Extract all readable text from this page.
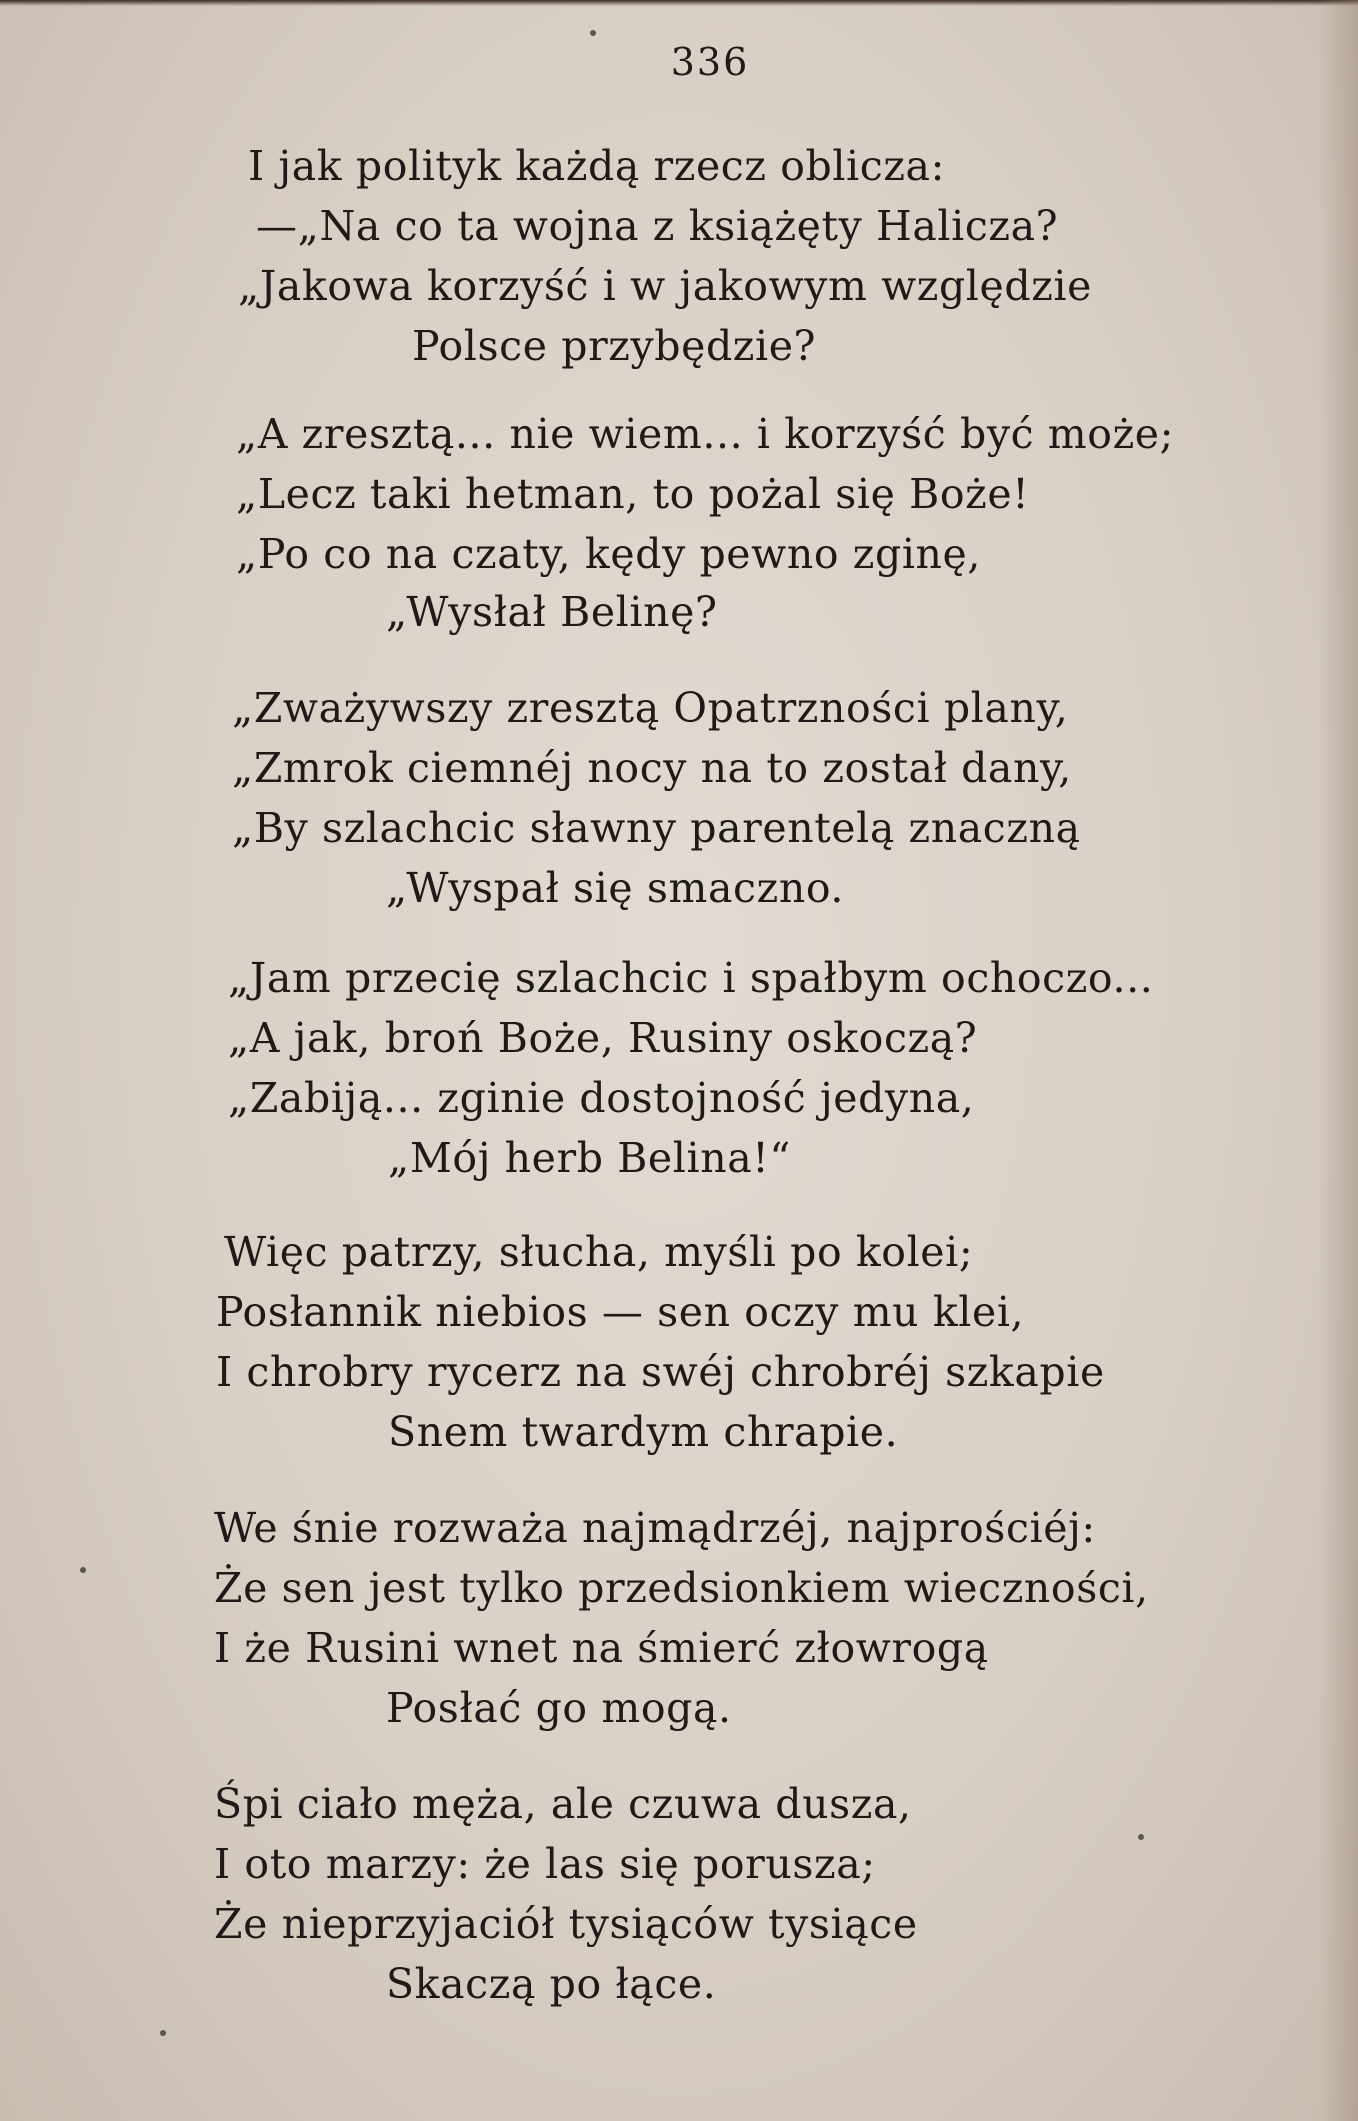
336
I jak polityk każdą rzecz oblicza:
—„Na co ta wojna z książęty Halicza?
„Jakowa korzyść i w jakowym względzie
Polsce przybędzie?
„A zresztą... nie wiem... i korzyść być może;
„Lecz taki hetman, to pożal się Boże!
„Po co na czaty, kędy pewno zginę,
„Wysłał Belinę?
„Zważywszy zresztą Opatrzności plany,
„Zmrok ciemnéj nocy na to został dany,
„By szlachcic sławny parentelą znaczną
„Wyspał się smaczno.
„Jam przecię szlachcic i spałbym ochoczo...
„A jak, broń Boże, Rusiny oskoczą?
„Zabiją... zginie dostojność jedyna,
„Mój herb Belina!“
Więc patrzy, słucha, myśli po kolei;
Posłannik niebios — sen oczy mu klei,
I chrobry rycerz na swéj chrobréj szkapie
Snem twardym chrapie.
We śnie rozważa najmądrzéj, najprościéj:
Że sen jest tylko przedsionkiem wieczności,
I że Rusini wnet na śmierć złowrogą
Posłać go mogą.
Śpi ciało męża, ale czuwa dusza,
I oto marzy: że las się porusza;
Że nieprzyjaciół tysiąców tysiące
Skaczą po łące.
